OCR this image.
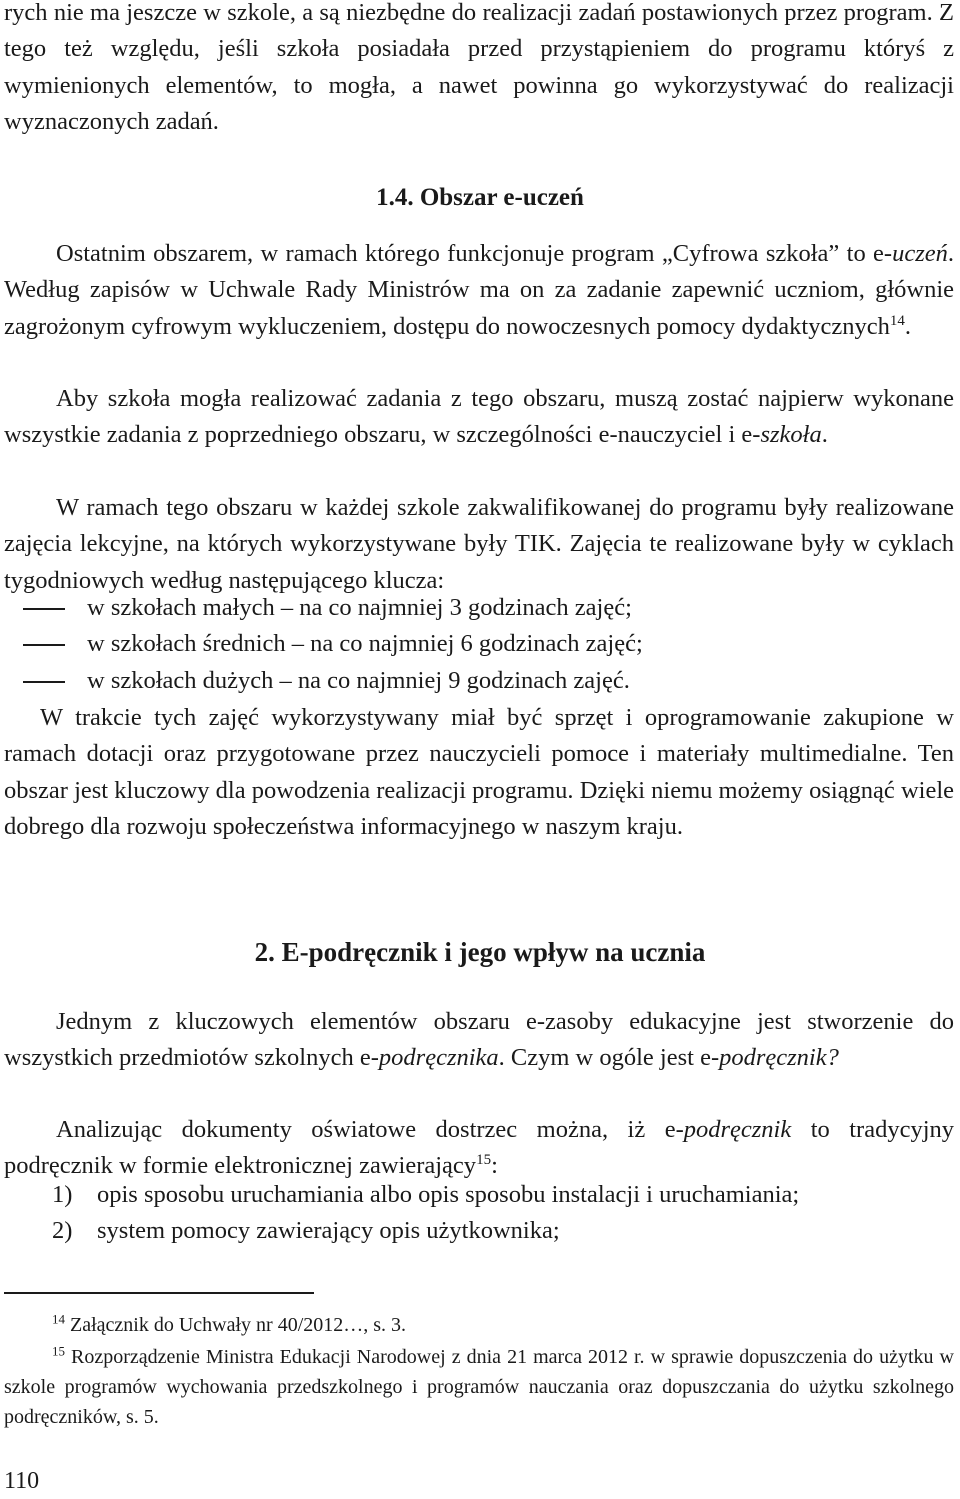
rych nie ma jeszcze w szkole, a są niezbędne do realizacji zadań postawionych przez program. Z tego też względu, jeśli szkoła posiadała przed przystąpieniem do programu któryś z wymienionych elementów, to mogła, a nawet powinna go wykorzystywać do realizacji wyznaczonych zadań.

1.4. Obszar e-uczeń

Ostatnim obszarem, w ramach którego funkcjonuje program „Cyfrowa szkoła” to e-uczeń. Według zapisów w Uchwale Rady Ministrów ma on za zadanie zapewnić uczniom, głównie zagrożonym cyfrowym wykluczeniem, dostępu do nowoczesnych pomocy dydaktycznych$^{14}$.

Aby szkoła mogła realizować zadania z tego obszaru, muszą zostać najpierw wykonane wszystkie zadania z poprzedniego obszaru, w szczególności e-nauczyciel i e-szkoła.

W ramach tego obszaru w każdej szkole zakwalifikowanej do programu były realizowane zajęcia lekcyjne, na których wykorzystywane były TIK. Zajęcia te realizowane były w cyklach tygodniowych według następującego klucza:

w szkołach małych – na co najmniej 3 godzinach zajęć;
w szkołach średnich – na co najmniej 6 godzinach zajęć;
w szkołach dużych – na co najmniej 9 godzinach zajęć.

W trakcie tych zajęć wykorzystywany miał być sprzęt i oprogramowanie zakupione w ramach dotacji oraz przygotowane przez nauczycieli pomoce i materiały multimedialne. Ten obszar jest kluczowy dla powodzenia realizacji programu. Dzięki niemu możemy osiągnąć wiele dobrego dla rozwoju społeczeństwa informacyjnego w naszym kraju.

2. E-podręcznik i jego wpływ na ucznia

Jednym z kluczowych elementów obszaru e-zasoby edukacyjne jest stworzenie do wszystkich przedmiotów szkolnych e-podręcznika. Czym w ogóle jest e-podręcznik?

Analizując dokumenty oświatowe dostrzec można, iż e-podręcznik to tradycyjny podręcznik w formie elektronicznej zawierający$^{15}$:

1) opis sposobu uruchamiania albo opis sposobu instalacji i uruchamiania;
2) system pomocy zawierający opis użytkownika;

$^{14}$ Załącznik do Uchwały nr 40/2012…, s. 3.

$^{15}$ Rozporządzenie Ministra Edukacji Narodowej z dnia 21 marca 2012 r. w sprawie dopuszczenia do użytku w szkole programów wychowania przedszkolnego i programów nauczania oraz dopuszczania do użytku szkolnego podręczników, s. 5.

110
